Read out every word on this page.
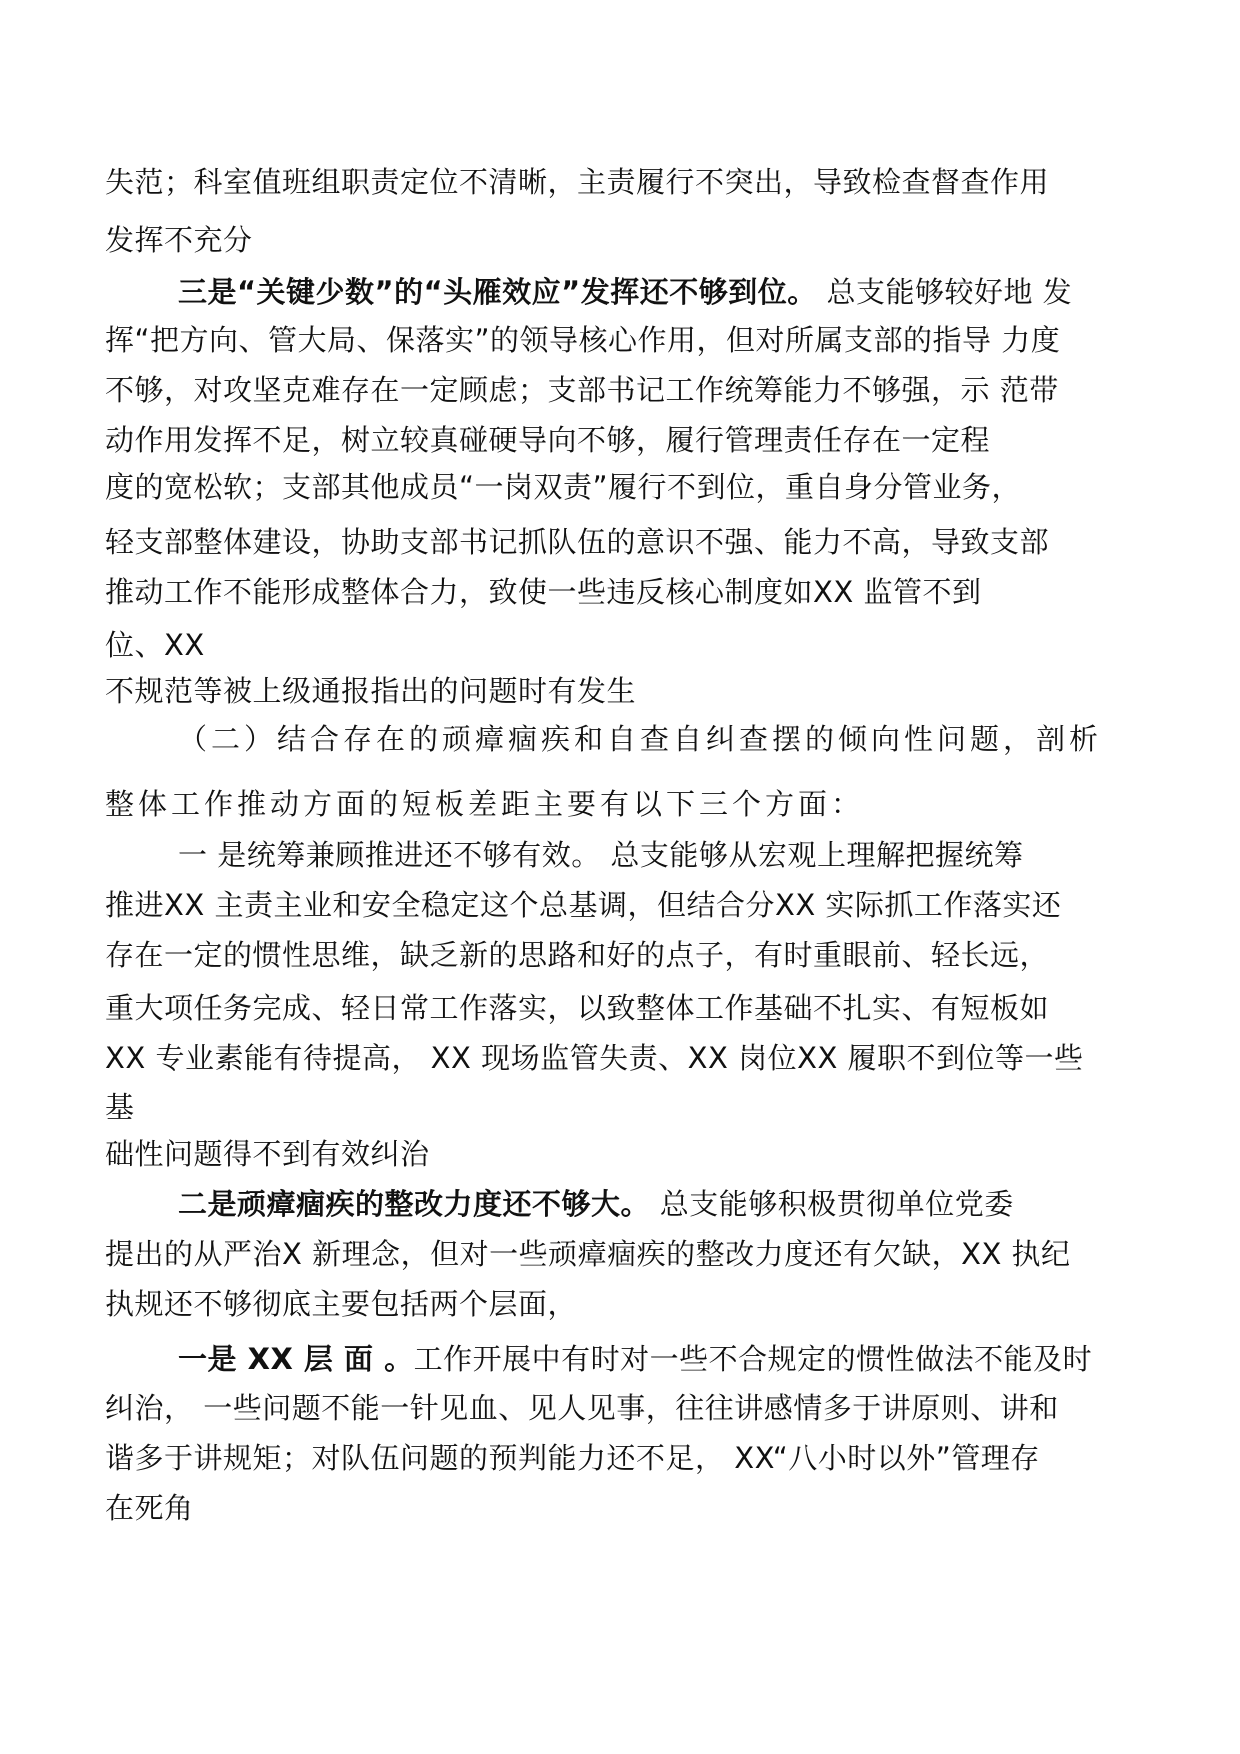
失范；科室值班组职责定位不清晰，主责履行不突出，导致检查督查作用
发挥不充分
三是“关键少数”的“头雁效应”发挥还不够到位。 总支能够较好地 发
挥“把方向、管大局、保落实”的领导核心作用，但对所属支部的指导 力度
不够，对攻坚克难存在一定顾虑；支部书记工作统筹能力不够强，示 范带
动作用发挥不足，树立较真碰硬导向不够，履行管理责任存在一定程
度的宽松软；支部其他成员“一岗双责”履行不到位，重自身分管业务，
轻支部整体建设，协助支部书记抓队伍的意识不强、能力不高，导致支部
推动工作不能形成整体合力，致使一些违反核心制度如XX 监管不到
位、XX
不规范等被上级通报指出的问题时有发生
（二）结合存在的顽瘴痼疾和自查自纠查摆的倾向性问题，剖析
整体工作推动方面的短板差距主要有以下三个方面：
一 是统筹兼顾推进还不够有效。 总支能够从宏观上理解把握统筹
推进XX 主责主业和安全稳定这个总基调，但结合分XX 实际抓工作落实还
存在一定的惯性思维，缺乏新的思路和好的点子，有时重眼前、轻长远，
重大项任务完成、轻日常工作落实，以致整体工作基础不扎实、有短板如
XX 专业素能有待提高， XX 现场监管失责、XX 岗位XX 履职不到位等一些
基
础性问题得不到有效纠治
二是顽瘴痼疾的整改力度还不够大。 总支能够积极贯彻单位党委
提出的从严治X 新理念，但对一些顽瘴痼疾的整改力度还有欠缺，XX 执纪
执规还不够彻底主要包括两个层面，
一是 XX 层 面 。工作开展中有时对一些不合规定的惯性做法不能及时
纠治， 一些问题不能一针见血、见人见事，往往讲感情多于讲原则、讲和
谐多于讲规矩；对队伍问题的预判能力还不足， XX“八小时以外”管理存
在死角
